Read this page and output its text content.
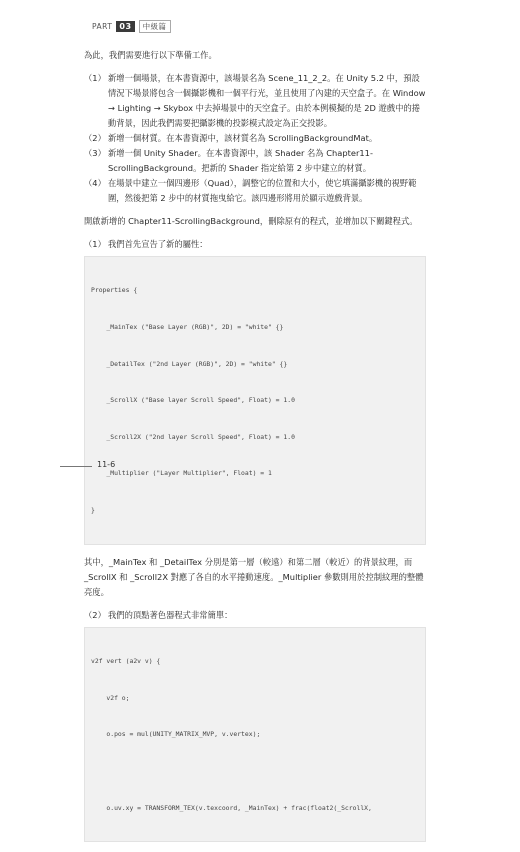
PART 03	中級篇

為此，我們需要進行以下準備工作。

（1） 新增一個場景，在本書資源中，該場景名為 Scene_11_2_2。在 Unity 5.2 中，預設情況下場景將包含一個攝影機和一個平行光，並且使用了內建的天空盒子。在 Window → Lighting → Skybox 中去掉場景中的天空盒子。由於本例模擬的是 2D 遊戲中的捲動背景，因此我們需要把攝影機的投影模式設定為正交投影。
（2） 新增一個材質。在本書資源中，該材質名為 ScrollingBackgroundMat。
（3） 新增一個 Unity Shader。在本書資源中，該 Shader 名為 Chapter11-ScrollingBackground。把新的 Shader 指定給第 2 步中建立的材質。
（4） 在場景中建立一個四邊形（Quad），調整它的位置和大小，使它填滿攝影機的視野範圍，然後把第 2 步中的材質拖曳給它。該四邊形將用於顯示遊戲背景。

開啟新增的 Chapter11-ScrollingBackground，刪除原有的程式，並增加以下關鍵程式。

（1） 我們首先宣告了新的屬性：

Properties {

_MainTex ("Base Layer (RGB)", 2D) = "white" {}

_DetailTex ("2nd Layer (RGB)", 2D) = "white" {}

_ScrollX ("Base layer Scroll Speed", Float) = 1.0

_Scroll2X ("2nd layer Scroll Speed", Float) = 1.0

_Multiplier ("Layer Multiplier", Float) = 1

}

其中，_MainTex 和 _DetailTex 分別是第一層（較遠）和第二層（較近）的背景紋理，而 _ScrollX 和 _Scroll2X 對應了各自的水平捲動速度。_Multiplier 參數則用於控制紋理的整體亮度。

（2） 我們的頂點著色器程式非常簡單：

v2f vert (a2v v) {

v2f o;

o.pos = mul(UNITY_MATRIX_MVP, v.vertex);

o.uv.xy = TRANSFORM_TEX(v.texcoord, _MainTex) + frac(float2(_ScrollX,

11-6
